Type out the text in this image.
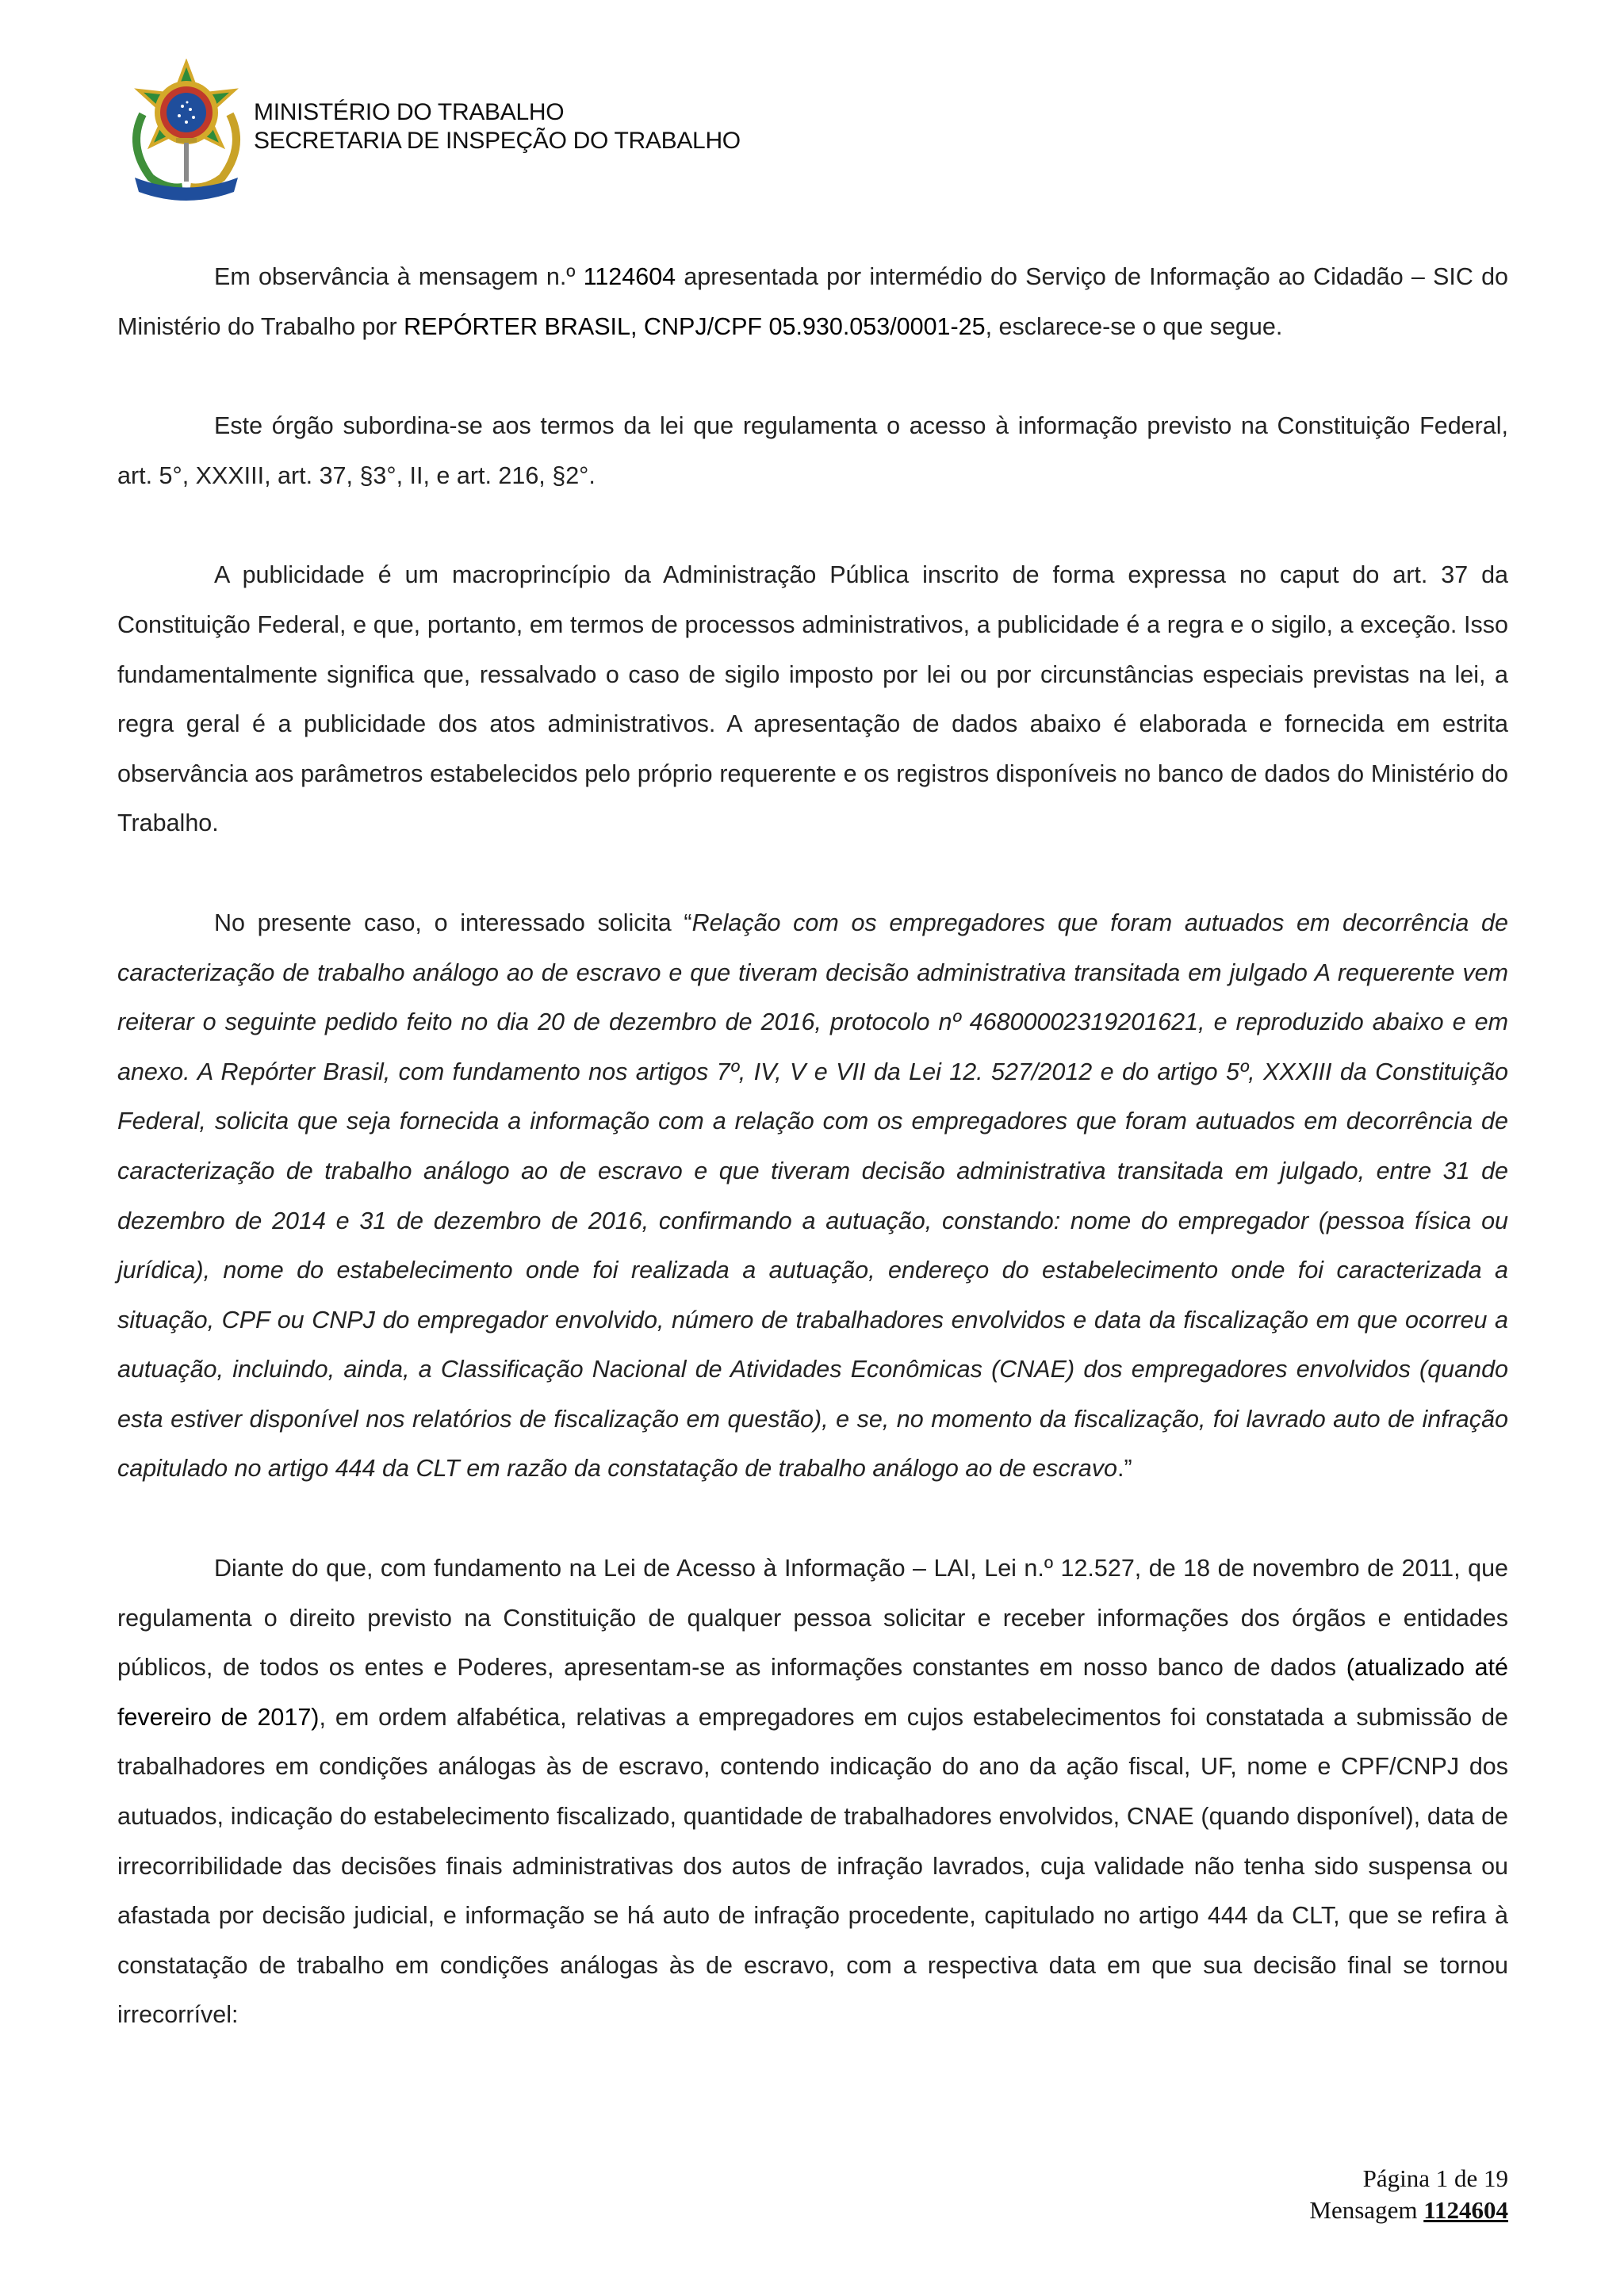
MINISTÉRIO DO TRABALHO
SECRETARIA DE INSPEÇÃO DO TRABALHO

Em observância à mensagem n.º 1124604 apresentada por intermédio do Serviço de Informação ao Cidadão – SIC do Ministério do Trabalho por REPÓRTER BRASIL, CNPJ/CPF 05.930.053/0001-25, esclarece-se o que segue.

Este órgão subordina-se aos termos da lei que regulamenta o acesso à informação previsto na Constituição Federal, art. 5°, XXXIII, art. 37, §3°, II, e art. 216, §2°.

A publicidade é um macroprincípio da Administração Pública inscrito de forma expressa no caput do art. 37 da Constituição Federal, e que, portanto, em termos de processos administrativos, a publicidade é a regra e o sigilo, a exceção. Isso fundamentalmente significa que, ressalvado o caso de sigilo imposto por lei ou por circunstâncias especiais previstas na lei, a regra geral é a publicidade dos atos administrativos. A apresentação de dados abaixo é elaborada e fornecida em estrita observância aos parâmetros estabelecidos pelo próprio requerente e os registros disponíveis no banco de dados do Ministério do Trabalho.

No presente caso, o interessado solicita “Relação com os empregadores que foram autuados em decorrência de caracterização de trabalho análogo ao de escravo e que tiveram decisão administrativa transitada em julgado A requerente vem reiterar o seguinte pedido feito no dia 20 de dezembro de 2016, protocolo nº 46800002319201621, e reproduzido abaixo e em anexo. A Repórter Brasil, com fundamento nos artigos 7º, IV, V e VII da Lei 12. 527/2012 e do artigo 5º, XXXIII da Constituição Federal, solicita que seja fornecida a informação com a relação com os empregadores que foram autuados em decorrência de caracterização de trabalho análogo ao de escravo e que tiveram decisão administrativa transitada em julgado, entre 31 de dezembro de 2014 e 31 de dezembro de 2016, confirmando a autuação, constando: nome do empregador (pessoa física ou jurídica), nome do estabelecimento onde foi realizada a autuação, endereço do estabelecimento onde foi caracterizada a situação, CPF ou CNPJ do empregador envolvido, número de trabalhadores envolvidos e data da fiscalização em que ocorreu a autuação, incluindo, ainda, a Classificação Nacional de Atividades Econômicas (CNAE) dos empregadores envolvidos (quando esta estiver disponível nos relatórios de fiscalização em questão), e se, no momento da fiscalização, foi lavrado auto de infração capitulado no artigo 444 da CLT em razão da constatação de trabalho análogo ao de escravo.”

Diante do que, com fundamento na Lei de Acesso à Informação – LAI, Lei n.º 12.527, de 18 de novembro de 2011, que regulamenta o direito previsto na Constituição de qualquer pessoa solicitar e receber informações dos órgãos e entidades públicos, de todos os entes e Poderes, apresentam-se as informações constantes em nosso banco de dados (atualizado até fevereiro de 2017), em ordem alfabética, relativas a empregadores em cujos estabelecimentos foi constatada a submissão de trabalhadores em condições análogas às de escravo, contendo indicação do ano da ação fiscal, UF, nome e CPF/CNPJ dos autuados, indicação do estabelecimento fiscalizado, quantidade de trabalhadores envolvidos, CNAE (quando disponível), data de irrecorribilidade das decisões finais administrativas dos autos de infração lavrados, cuja validade não tenha sido suspensa ou afastada por decisão judicial, e informação se há auto de infração procedente, capitulado no artigo 444 da CLT, que se refira à constatação de trabalho em condições análogas às de escravo, com a respectiva data em que sua decisão final se tornou irrecorrível:

Página 1 de 19
Mensagem 1124604
